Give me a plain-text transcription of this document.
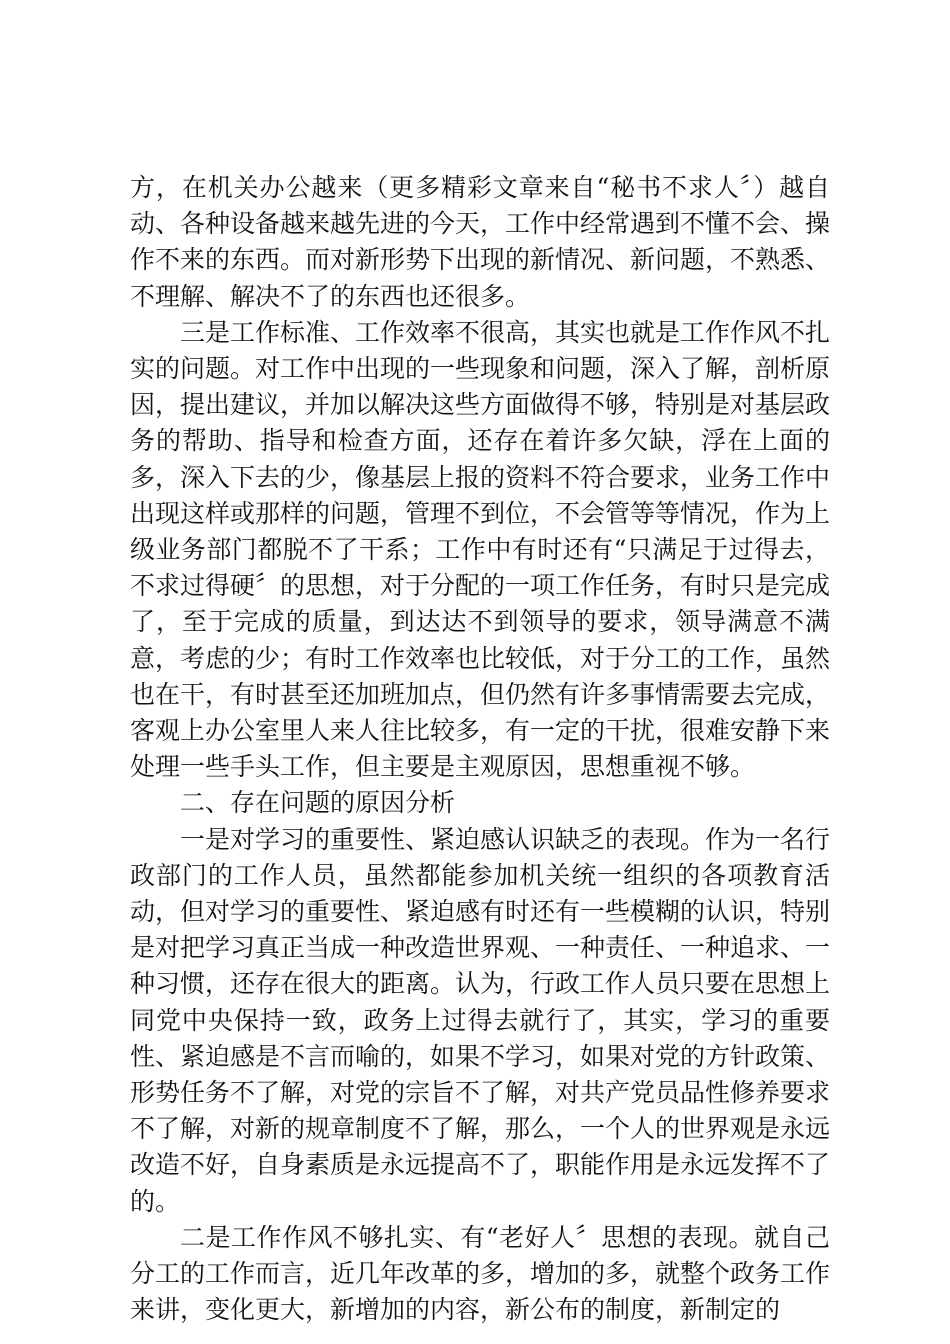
方，在机关办公越来（更多精彩文章来自“秘书不求人〞）越自动、各种设备越来越先进的今天，工作中经常遇到不懂不会、操作不来的东西。而对新形势下出现的新情况、新问题，不熟悉、不理解、解决不了的东西也还很多。

三是工作标准、工作效率不很高，其实也就是工作作风不扎实的问题。对工作中出现的一些现象和问题，深入了解，剖析原因，提出建议，并加以解决这些方面做得不够，特别是对基层政务的帮助、指导和检查方面，还存在着许多欠缺，浮在上面的多，深入下去的少，像基层上报的资料不符合要求，业务工作中出现这样或那样的问题，管理不到位，不会管等等情况，作为上级业务部门都脱不了干系；工作中有时还有“只满足于过得去，不求过得硬〞的思想，对于分配的一项工作任务，有时只是完成了，至于完成的质量，到达达不到领导的要求，领导满意不满意，考虑的少；有时工作效率也比较低，对于分工的工作，虽然也在干，有时甚至还加班加点，但仍然有许多事情需要去完成，客观上办公室里人来人往比较多，有一定的干扰，很难安静下来处理一些手头工作，但主要是主观原因，思想重视不够。

二、存在问题的原因分析

一是对学习的重要性、紧迫感认识缺乏的表现。作为一名行政部门的工作人员，虽然都能参加机关统一组织的各项教育活动，但对学习的重要性、紧迫感有时还有一些模糊的认识，特别是对把学习真正当成一种改造世界观、一种责任、一种追求、一种习惯，还存在很大的距离。认为，行政工作人员只要在思想上同党中央保持一致，政务上过得去就行了，其实，学习的重要性、紧迫感是不言而喻的，如果不学习，如果对党的方针政策、形势任务不了解，对党的宗旨不了解，对共产党员品性修养要求不了解，对新的规章制度不了解，那么，一个人的世界观是永远改造不好，自身素质是永远提高不了，职能作用是永远发挥不了的。

二是工作作风不够扎实、有“老好人〞思想的表现。就自己分工的工作而言，近几年改革的多，增加的多，就整个政务工作来讲，变化更大，新增加的内容，新公布的制度，新制定的
